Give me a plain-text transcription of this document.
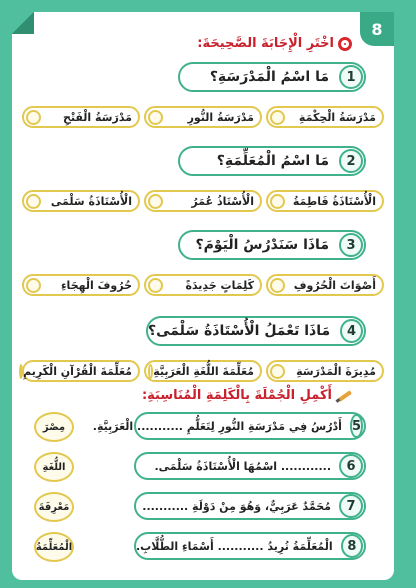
8
اخْتَرِ الْإِجَابَةَ الصَّحِيحَةَ:
1
مَا اسْمُ الْمَدْرَسَةِ؟
مَدْرَسَةُ الْحِكْمَةِ
مَدْرَسَةُ النُّورِ
مَدْرَسَةُ الْفَتْحِ
2
مَا اسْمُ الْمُعَلِّمَةِ؟
الْأُسْتَاذَةُ فَاطِمَةُ
الْأُسْتَاذُ عُمَرُ
الْأُسْتَاذَةُ سَلْمَى
3
مَاذَا سَنَدْرُسُ الْيَوْمَ؟
أَصْوَاتَ الْحُرُوفِ
كَلِمَاتٍ جَدِيدَةً
حُرُوفَ الْهِجَاءِ
4
مَاذَا تَعْمَلُ الْأُسْتَاذَةُ سَلْمَى؟
مُدِيرَةَ الْمَدْرَسَةِ
مُعَلِّمَةَ اللُّغَةِ الْعَرَبِيَّةِ
مُعَلِّمَةَ الْقُرْآنِ الْكَرِيمِ
أَكْمِلِ الْجُمْلَةَ بِالْكَلِمَةِ الْمُنَاسِبَةِ:
5
أَدْرُسُ فِي مَدْرَسَةِ النُّورِ لِتَعَلُّمِ ........... الْعَرَبِيَّةِ.
6
............ اسْمُهَا الْأُسْتَاذَةُ سَلْمَى.
7
مُحَمَّدٌ عَرَبِيٌّ، وَهُوَ مِنْ دَوْلَةِ ...........
8
الْمُعَلِّمَةُ تُرِيدُ ........... أَسْمَاءِ الطُّلَّابِ.
مِصْرَ
اللُّغَةِ
مَعْرِفَةَ
الْمُعَلِّمَةُ
